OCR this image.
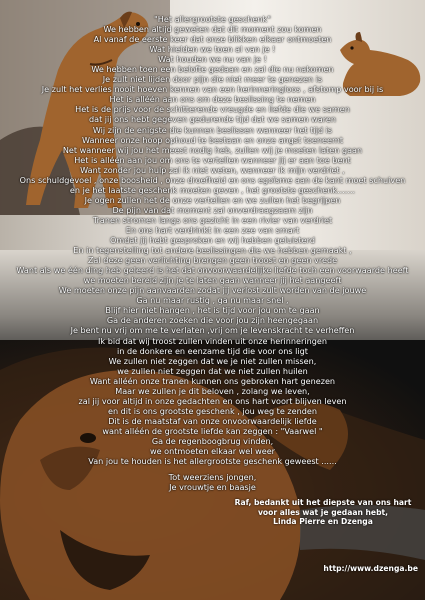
"Het allergrootste geschenk"
We hebben altijd geweten dat dit moment zou komen
Al vanaf de eerste keer dat onze blikken elkaar ontmoeten
Wat hielden we toen al van je !
Wat houden we nu van je !
We hebben toen een belofte gedaan en zal die nu nakomen
Je zult niet lijden door pijn die niet meer te genezen is
Je zult het verlies nooit hoeven kennen van een herinneringloos , afstomp voor bij is
Het is alléén aan ons om deze beslissing te nemen
Het is de prijs voor de schitterende vreugde en liefde die we samen
dat jij ons hebt gegeven gedurende tijd dat we samen waren
Wij zijn de enigste die kunnen beslissen wanneer het tijd is
Wanneer onze hoop ophoud te bestaan en onze angst toeneemt
Net wanneer wij jou het meest nodig heb, zullen wij je moeten laten gaan
Het is alléén aan jou om ons te vertellen wanneer jij er aan toe bent
Want zonder jou hulp zal ik niet weten, wanneer ik mijn verdriet ,
Ons schuldgevoel , onze boosheid , onze droefheid en ons egoïsme aan de kant moet schuiven
en je het laatste geschenk moeten geven , het grootste geschenk.......
Je ogen zullen het de onze vertellen en we zullen het begrijpen
De pijn van dat moment zal onverdraagzaam zijn
Tranen stromen langs ons gezicht in een rivier van verdriet
En ons hart verdrinkt in een zee van smart
Omdat jij hebt gesproken en wij hebben geluisterd
En in tegenstelling tot andere beslissingen die we hebben gemaakt ,
Zal deze geen verlichting brengen geen troost en geen vrede
Want als we één ding heb geleerd is het dat onvoorwaardelijke liefde toch een voorwaarde heeft
we moeten bereid zijn je te laten gaan wanneer jij het aangeeft
We moeten onze pijn aanvaarden zodat jij verlost zult worden van de jouwe
Ga nu maar rustig , ga nu maar snel ,
Blijf hier niet hangen , het is tijd voor jou om te gaan
Ga de anderen zoeken die voor jou zijn heengegaan
Je bent nu vrij om me te verlaten ,vrij om je levenskracht te verheffen
Ik bid dat wij troost zullen vinden uit onze herinneringen
in de donkere en eenzame tijd die voor ons ligt
We zullen niet zeggen dat we je niet zullen missen,
we zullen niet zeggen dat we niet zullen huilen
Want alléén onze tranen kunnen ons gebroken hart genezen
Maar we zullen je dit beloven , zolang we leven,
zal jij voor altijd in onze gedachten en ons hart voort blijven leven
en dit is ons grootste geschenk , jou weg te zenden
Dit is de maatstaf van onze onvoorwaardelijk liefde
want alléén de grootste liefde kan zeggen : "Vaarwel "
Ga de regenboogbrug vinden,
we ontmoeten elkaar wel weer
Van jou te houden is het allergrootste geschenk geweest ......
Tot weerziens jongen,
Je vrouwtje en baasje
Raf, bedankt uit het diepste van ons hart
voor alles wat je gedaan hebt,
Linda Pierre en Dzenga
http://www.dzenga.be
